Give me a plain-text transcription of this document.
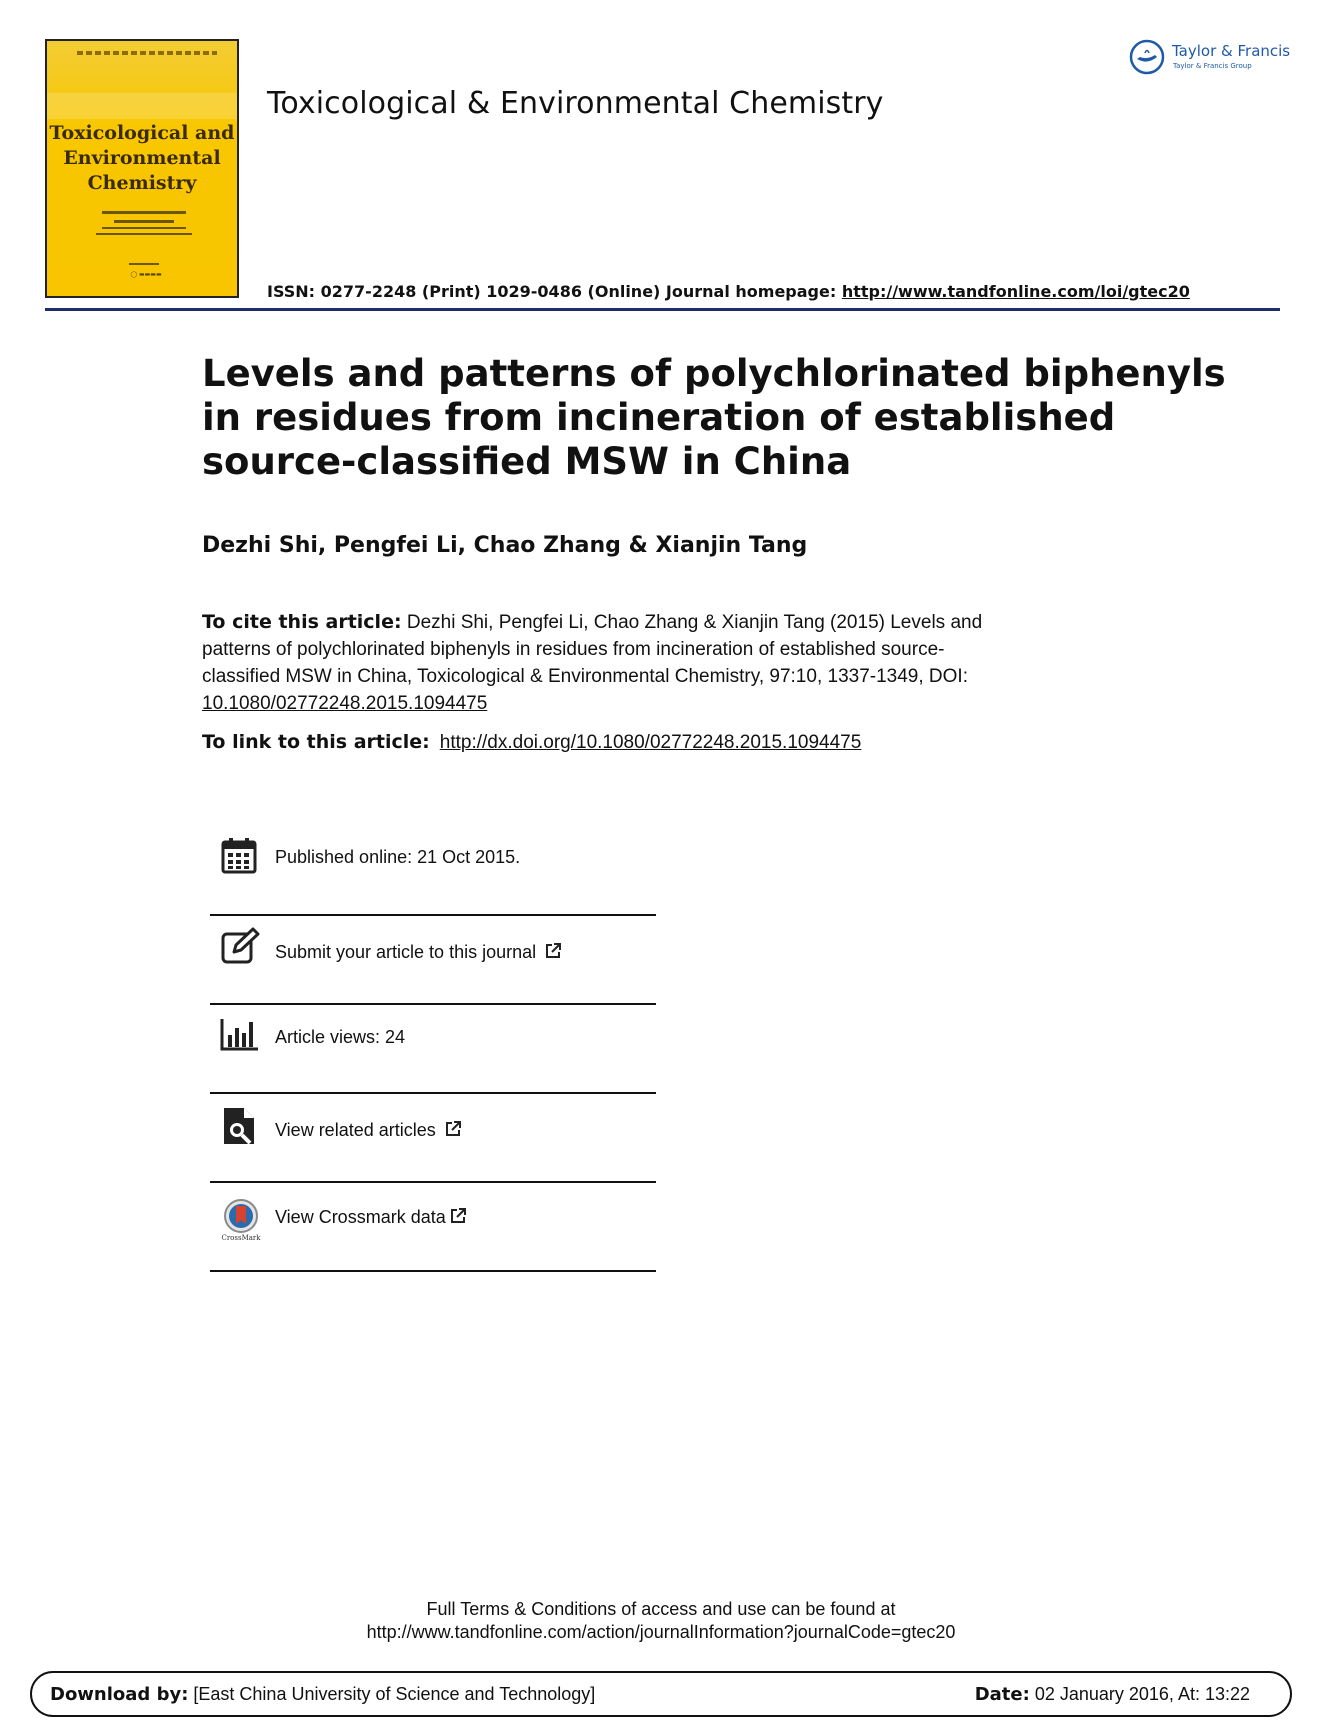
Toxicological and
Environmental
Chemistry
◯ ▬▬▬▬
Toxicological & Environmental Chemistry
Taylor & Francis
Taylor & Francis Group
ISSN: 0277-2248 (Print) 1029-0486 (Online) Journal homepage: http://www.tandfonline.com/loi/gtec20
Levels and patterns of polychlorinated biphenyls
in residues from incineration of established
source-classified MSW in China
Dezhi Shi, Pengfei Li, Chao Zhang & Xianjin Tang
To cite this article: Dezhi Shi, Pengfei Li, Chao Zhang & Xianjin Tang (2015) Levels and
patterns of polychlorinated biphenyls in residues from incineration of established source-
classified MSW in China, Toxicological & Environmental Chemistry, 97:10, 1337-1349, DOI:
10.1080/02772248.2015.1094475
To link to this article: http://dx.doi.org/10.1080/02772248.2015.1094475
Published online: 21 Oct 2015.
Submit your article to this journal
Article views: 24
View related articles
CrossMark
View Crossmark data
Full Terms & Conditions of access and use can be found at
http://www.tandfonline.com/action/journalInformation?journalCode=gtec20
Download by: [East China University of Science and Technology]	Date: 02 January 2016, At: 13:22
